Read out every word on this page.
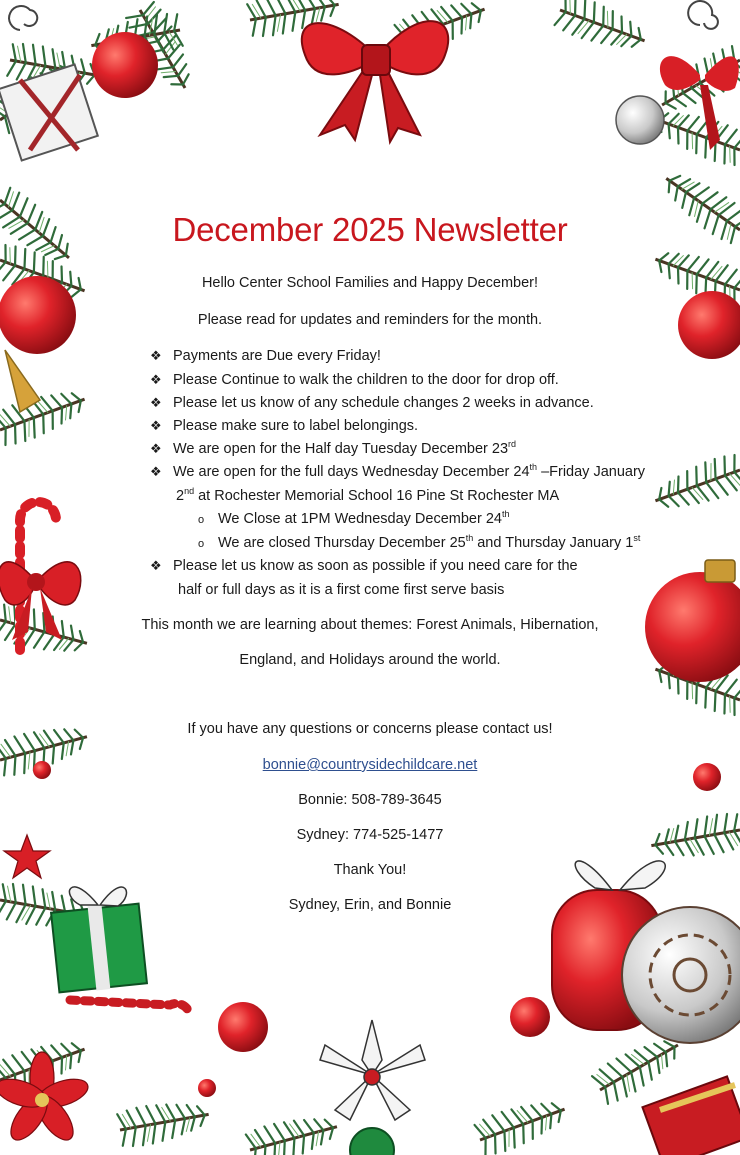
December 2025 Newsletter
Hello Center School Families and Happy December!
Please read for updates and reminders for the month.
❖ Payments are Due every Friday!
❖ Please Continue to walk the children to the door for drop off.
❖ Please let us know of any schedule changes 2 weeks in advance.
❖ Please make sure to label belongings.
❖ We are open for the Half day Tuesday December 23rd
❖ We are open for the full days Wednesday December 24th –Friday January
2nd at Rochester Memorial School 16 Pine St Rochester MA
o We Close at 1PM Wednesday December 24th
o We are closed Thursday December 25th and Thursday January 1st
❖ Please let us know as soon as possible if you need care for the
half or full days as it is a first come first serve basis
This month we are learning about themes: Forest Animals, Hibernation,
England, and Holidays around the world.
If you have any questions or concerns please contact us!
bonnie@countrysidechildcare.net
Bonnie: 508-789-3645
Sydney: 774-525-1477
Thank You!
Sydney, Erin, and Bonnie
